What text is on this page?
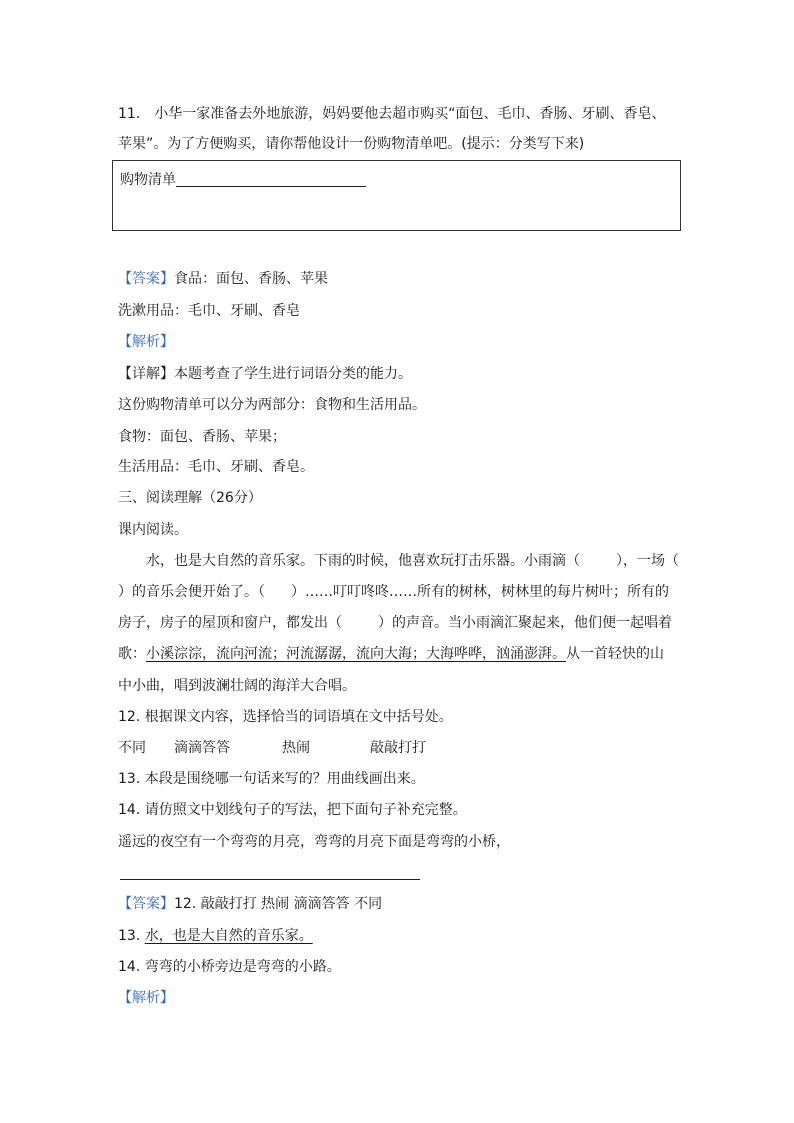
11.　小华一家准备去外地旅游，妈妈要他去超市购买“面包、毛巾、香肠、牙刷、香皂、
苹果”。为了方便购买，请你帮他设计一份购物清单吧。(提示：分类写下来)
购物清单
【答案】食品：面包、香肠、苹果
洗漱用品：毛巾、牙刷、香皂
【解析】
【详解】本题考查了学生进行词语分类的能力。
这份购物清单可以分为两部分：食物和生活用品。
食物：面包、香肠、苹果；
生活用品：毛巾、牙刷、香皂。
三、阅读理解（26分）
课内阅读。
水，也是大自然的音乐家。下雨的时候，他喜欢玩打击乐器。小雨滴（	），一场（
）的音乐会便开始了。（ ）……叮叮咚咚……所有的树林，树林里的每片树叶；所有的
房子，房子的屋顶和窗户，都发出（	）的声音。当小雨滴汇聚起来，他们便一起唱着
歌：小溪淙淙，流向河流；河流潺潺，流向大海；大海哗哗，汹涌澎湃。从一首轻快的山
中小曲，唱到波澜壮阔的海洋大合唱。
12. 根据课文内容，选择恰当的词语填在文中括号处。
不同 滴滴答答	热闹	敲敲打打
13. 本段是围绕哪一句话来写的？用曲线画出来。
14. 请仿照文中划线句子的写法，把下面句子补充完整。
遥远的夜空有一个弯弯的月亮，弯弯的月亮下面是弯弯的小桥，
【答案】12. 敲敲打打 热闹 滴滴答答 不同
13. 水，也是大自然的音乐家。
14. 弯弯的小桥旁边是弯弯的小路。
【解析】
